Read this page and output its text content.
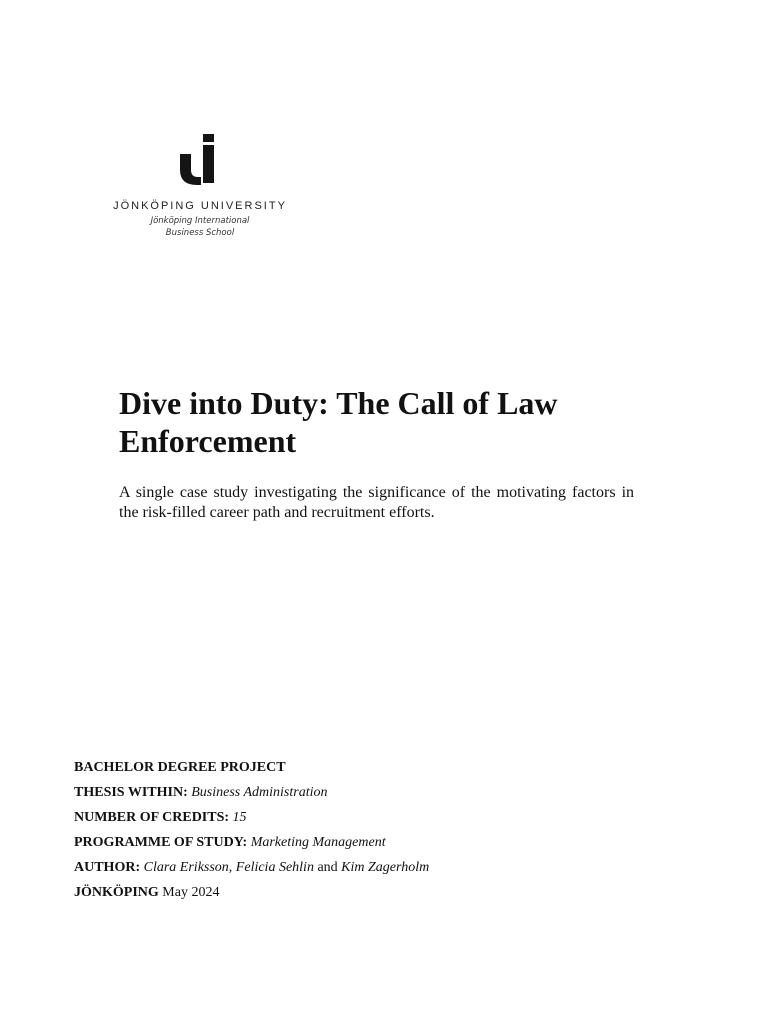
JÖNKÖPING UNIVERSITY
Jönköping International
Business School
Dive into Duty: The Call of Law
Enforcement

A single case study investigating the significance of the motivating factors in the risk-filled career path and recruitment efforts.

BACHELOR DEGREE PROJECT
THESIS WITHIN: Business Administration
NUMBER OF CREDITS: 15
PROGRAMME OF STUDY: Marketing Management
AUTHOR: Clara Eriksson, Felicia Sehlin and Kim Zagerholm
JÖNKÖPING May 2024
